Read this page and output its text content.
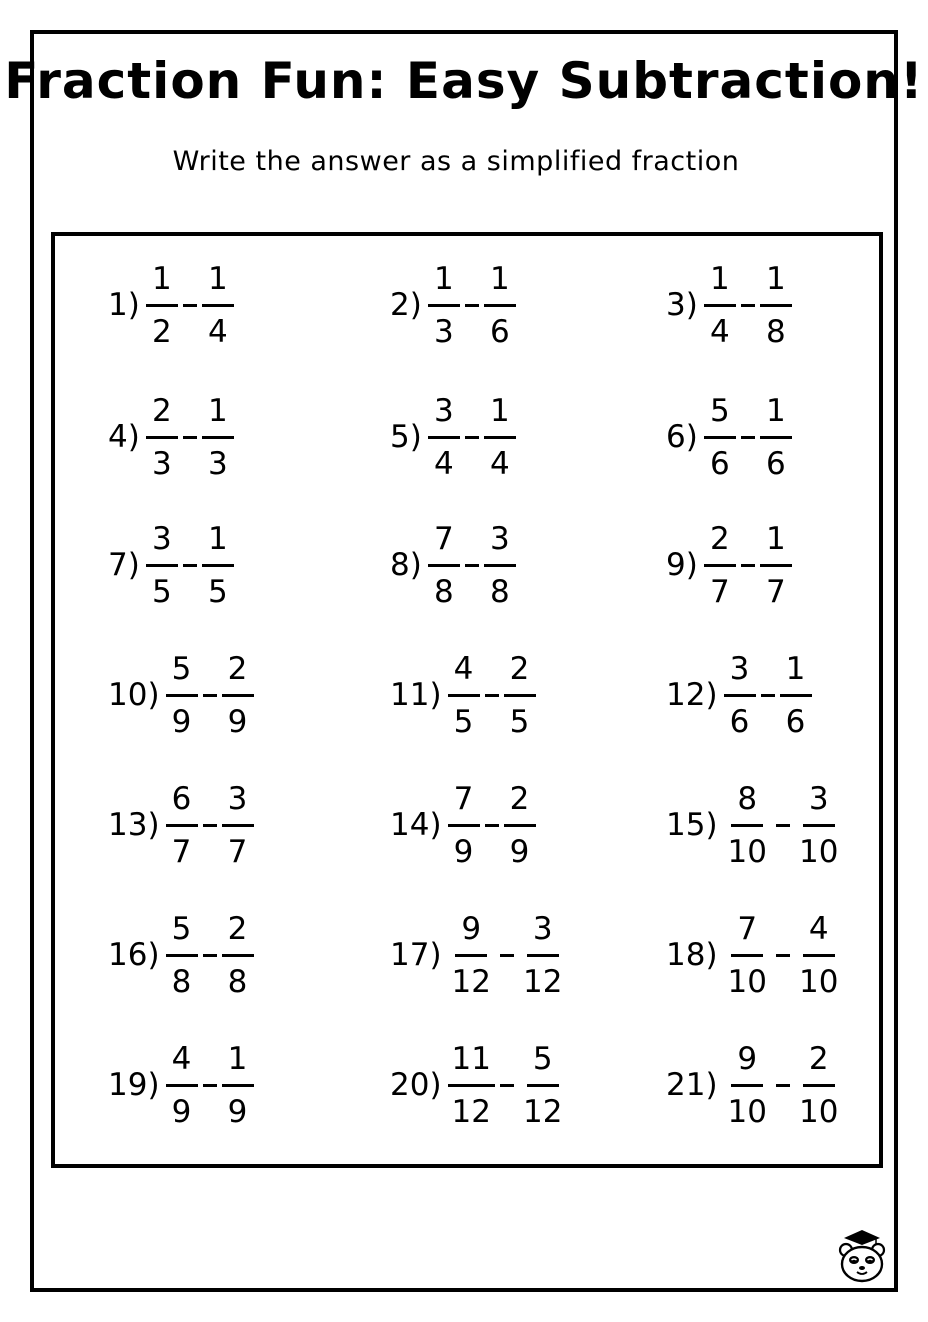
Fraction Fun: Easy Subtraction!
Write the answer as a simplified fraction
$1) \frac{1}{2} \frac{1}{4}$	$2) \frac{1}{3} \frac{1}{6}$	$3) \frac{1}{4} \frac{1}{8}$
$4) \frac{2}{3} \frac{1}{3}$	$5) \frac{3}{4} \frac{1}{4}$	$6) \frac{5}{6} \frac{1}{6}$
$7) \frac{3}{5} \frac{1}{5}$	$8) \frac{7}{8} \frac{3}{8}$	$9) \frac{2}{7} \frac{1}{7}$
$10) \frac{5}{9} \frac{2}{9}$	$11) \frac{4}{5} \frac{2}{5}$	$12) \frac{3}{6} \frac{1}{6}$
$13) \frac{6}{7} \frac{3}{7}$	$14) \frac{7}{9} \frac{2}{9}$	$15) \frac{8}{10} \frac{3}{10}$
$16) \frac{5}{8} \frac{2}{8}$	$17) \frac{9}{12} \frac{3}{12}$	$18) \frac{7}{10} \frac{4}{10}$
$19) \frac{4}{9} \frac{1}{9}$	$20) \frac{11}{12} \frac{5}{12}$	$21) \frac{9}{10} \frac{2}{10}$
